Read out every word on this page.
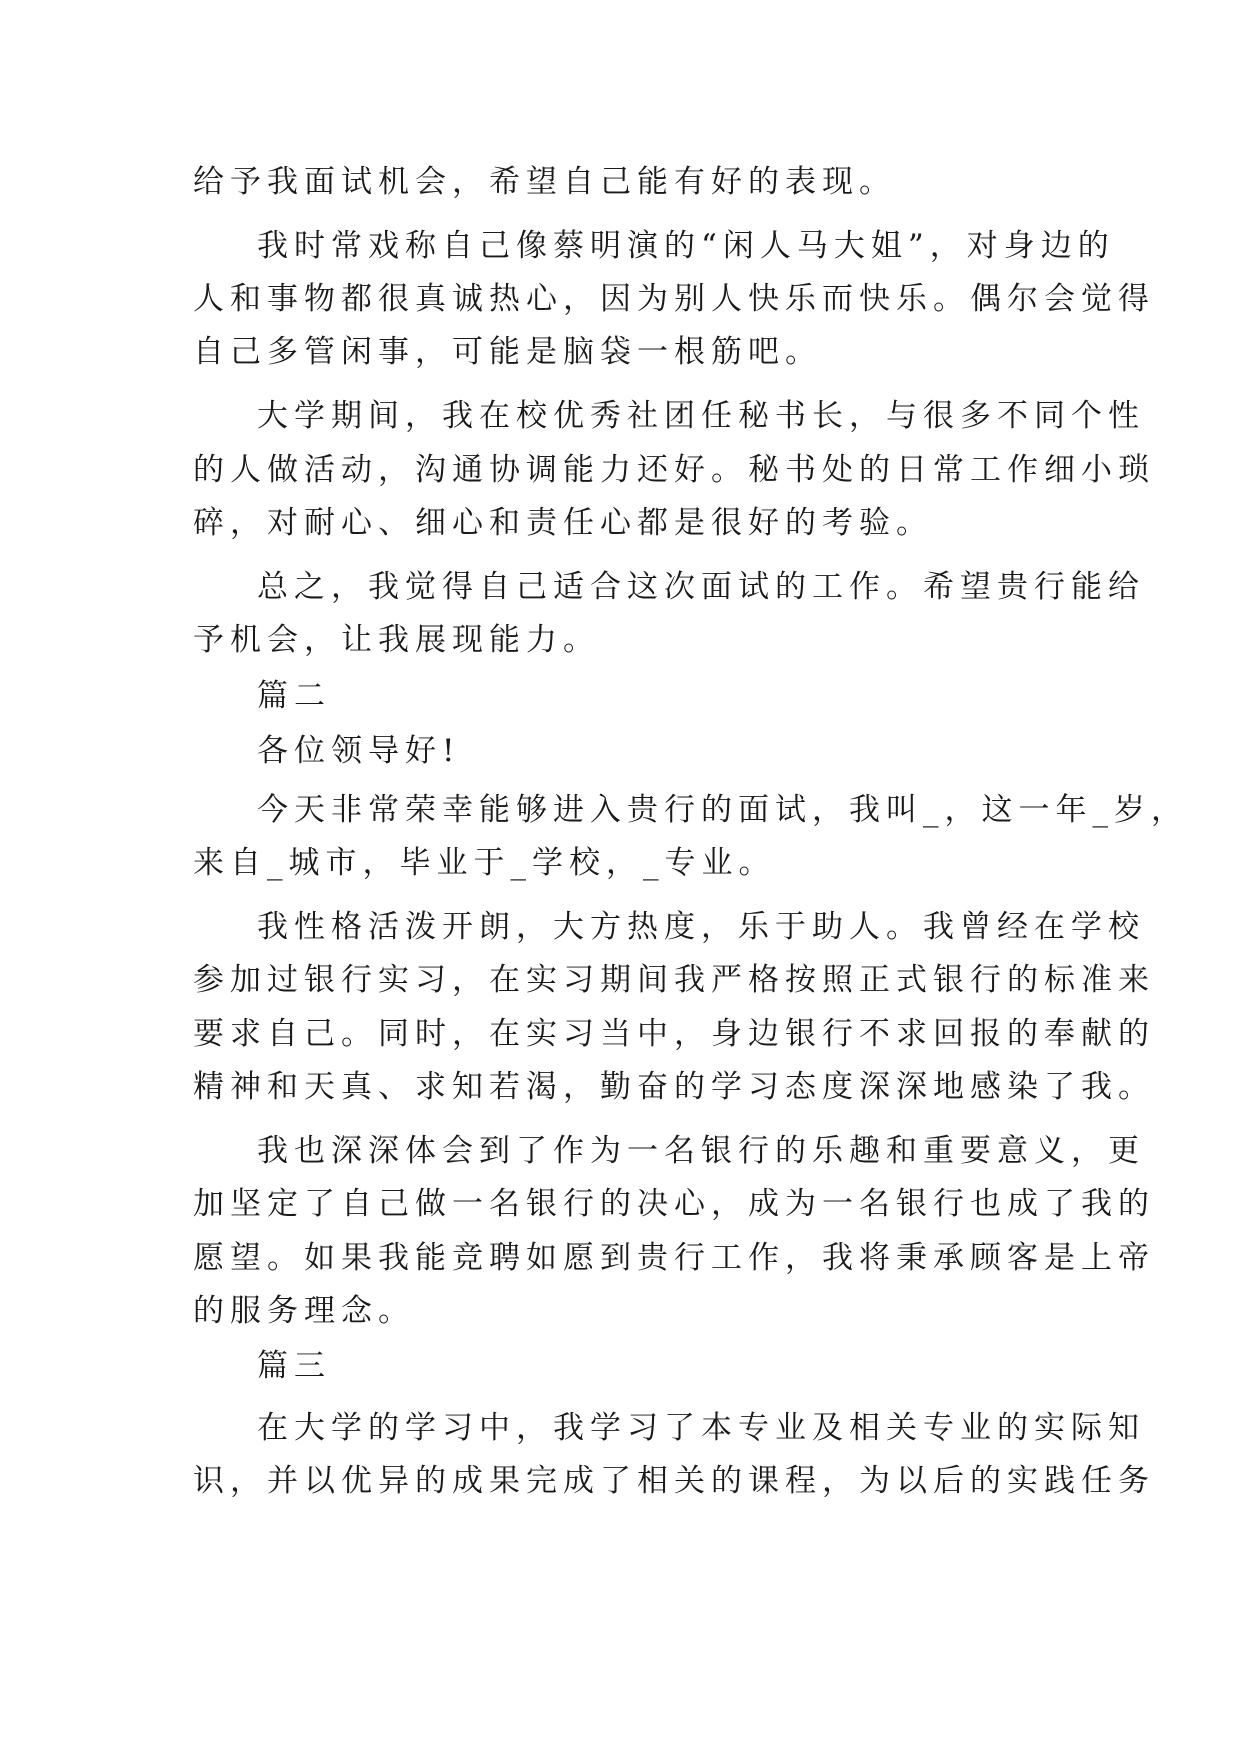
给予我面试机会，希望自己能有好的表现。
我时常戏称自己像蔡明演的“闲人马大姐”，对身边的
人和事物都很真诚热心，因为别人快乐而快乐。偶尔会觉得
自己多管闲事，可能是脑袋一根筋吧。
大学期间，我在校优秀社团任秘书长，与很多不同个性
的人做活动，沟通协调能力还好。秘书处的日常工作细小琐
碎，对耐心、细心和责任心都是很好的考验。
总之，我觉得自己适合这次面试的工作。希望贵行能给
予机会，让我展现能力。
篇二
各位领导好!
今天非常荣幸能够进入贵行的面试，我叫_，这一年_岁，
来自_城市，毕业于_学校，_专业。
我性格活泼开朗，大方热度，乐于助人。我曾经在学校
参加过银行实习，在实习期间我严格按照正式银行的标准来
要求自己。同时，在实习当中，身边银行不求回报的奉献的
精神和天真、求知若渴，勤奋的学习态度深深地感染了我。
我也深深体会到了作为一名银行的乐趣和重要意义，更
加坚定了自己做一名银行的决心，成为一名银行也成了我的
愿望。如果我能竞聘如愿到贵行工作，我将秉承顾客是上帝
的服务理念。
篇三
在大学的学习中，我学习了本专业及相关专业的实际知
识，并以优异的成果完成了相关的课程，为以后的实践任务
